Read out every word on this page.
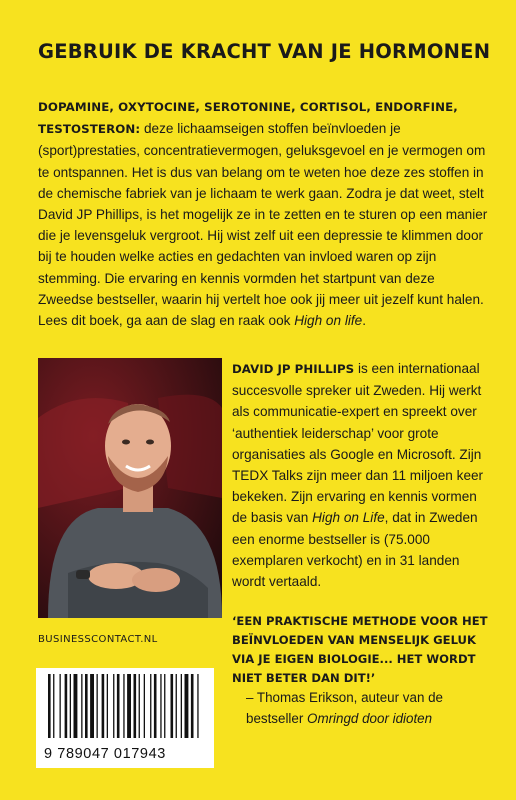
GEBRUIK DE KRACHT VAN JE HORMONEN
DOPAMINE, OXYTOCINE, SEROTONINE, CORTISOL, ENDORFINE, TESTOSTERON: deze lichaamseigen stoffen beïnvloeden je (sport)prestaties, concentratievermogen, geluksgevoel en je vermogen om te ontspannen. Het is dus van belang om te weten hoe deze zes stoffen in de chemische fabriek van je lichaam te werk gaan. Zodra je dat weet, stelt David JP Phillips, is het mogelijk ze in te zetten en te sturen op een manier die je levensgeluk vergroot. Hij wist zelf uit een depressie te klimmen door bij te houden welke acties en gedachten van invloed waren op zijn stemming. Die ervaring en kennis vormden het startpunt van deze Zweedse bestseller, waarin hij vertelt hoe ook jij meer uit jezelf kunt halen. Lees dit boek, ga aan de slag en raak ook High on life.
DAVID JP PHILLIPS is een internationaal succesvolle spreker uit Zweden. Hij werkt als communicatie-expert en spreekt over ‘authentiek leiderschap’ voor grote organisaties als Google en Microsoft. Zijn TEDX Talks zijn meer dan 11 miljoen keer bekeken. Zijn ervaring en kennis vormen de basis van High on Life, dat in Zweden een enorme bestseller is (75.000 exemplaren verkocht) en in 31 landen wordt vertaald.
BUSINESSCONTACT.NL
‘EEN PRAKTISCHE METHODE VOOR HET BEÏNVLOEDEN VAN MENSELIJK GELUK VIA JE EIGEN BIOLOGIE... HET WORDT NIET BETER DAN DIT!’
– Thomas Erikson, auteur van de bestseller Omringd door idioten
9 789047 017943
